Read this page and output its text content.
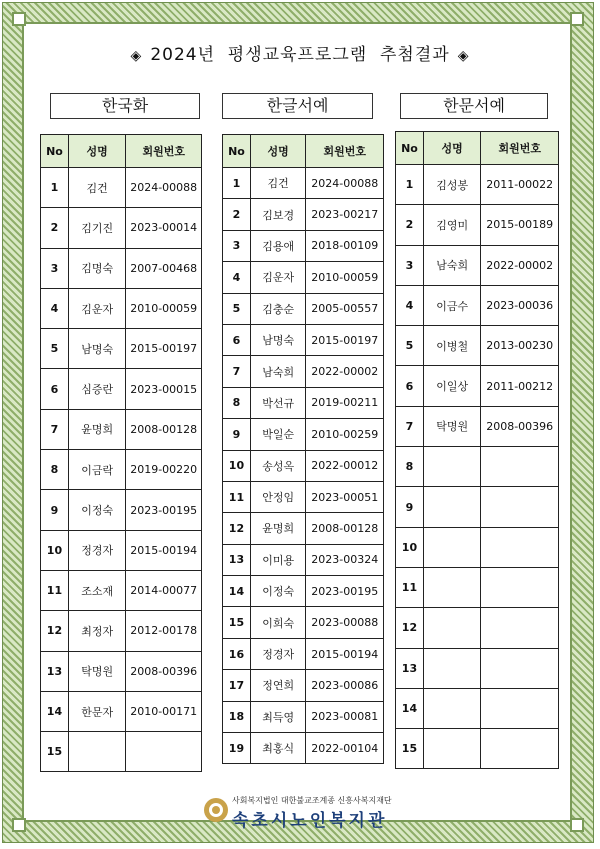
◈ 2024년  평생교육프로그램  추첨결과 ◈
한국화
No	성명	회원번호
1	김건	2024-00088
2	김기진	2023-00014
3	김명숙	2007-00468
4	김운자	2010-00059
5	남명숙	2015-00197
6	심증란	2023-00015
7	윤명희	2008-00128
8	이금락	2019-00220
9	이정숙	2023-00195
10	정경자	2015-00194
11	조소재	2014-00077
12	최정자	2012-00178
13	탁명원	2008-00396
14	한문자	2010-00171
15		
한글서예
No	성명	회원번호
1	김건	2024-00088
2	김보경	2023-00217
3	김용애	2018-00109
4	김운자	2010-00059
5	김충순	2005-00557
6	남명숙	2015-00197
7	남숙희	2022-00002
8	박선규	2019-00211
9	박일순	2010-00259
10	송성옥	2022-00012
11	안정임	2023-00051
12	윤명희	2008-00128
13	이미용	2023-00324
14	이정숙	2023-00195
15	이희숙	2023-00088
16	정경자	2015-00194
17	정연희	2023-00086
18	최득영	2023-00081
19	최홍식	2022-00104
한문서예
No	성명	회원번호
1	김성봉	2011-00022
2	김영미	2015-00189
3	남숙희	2022-00002
4	이금수	2023-00036
5	이병철	2013-00230
6	이일상	2011-00212
7	탁명원	2008-00396
8		
9		
10		
11		
12		
13		
14		
15		
사회복지법인 대한불교조계종 신흥사복지재단
속초시노인복지관
